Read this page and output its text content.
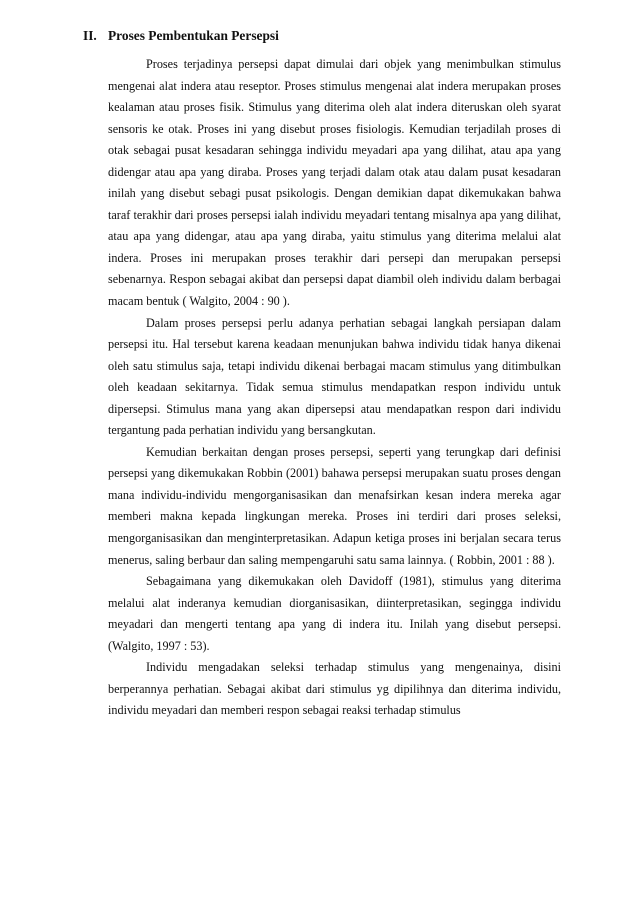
II. Proses Pembentukan Persepsi

Proses terjadinya persepsi dapat dimulai dari objek yang menimbulkan stimulus mengenai alat indera atau reseptor. Proses stimulus mengenai alat indera merupakan proses kealaman atau proses fisik. Stimulus yang diterima oleh alat indera diteruskan oleh syarat sensoris ke otak. Proses ini yang disebut proses fisiologis. Kemudian terjadilah proses di otak sebagai pusat kesadaran sehingga individu meyadari apa yang dilihat, atau apa yang didengar atau apa yang diraba. Proses yang terjadi dalam otak atau dalam pusat kesadaran inilah yang disebut sebagi pusat psikologis. Dengan demikian dapat dikemukakan bahwa taraf terakhir dari proses persepsi ialah individu meyadari tentang misalnya apa yang dilihat, atau apa yang didengar, atau apa yang diraba, yaitu stimulus yang diterima melalui alat indera. Proses ini merupakan proses terakhir dari persepi dan merupakan persepsi sebenarnya. Respon sebagai akibat dan persepsi dapat diambil oleh individu dalam berbagai macam bentuk ( Walgito, 2004 : 90 ).

Dalam proses persepsi perlu adanya perhatian sebagai langkah persiapan dalam persepsi itu. Hal tersebut karena keadaan menunjukan bahwa individu tidak hanya dikenai oleh satu stimulus saja, tetapi individu dikenai berbagai macam stimulus yang ditimbulkan oleh keadaan sekitarnya. Tidak semua stimulus mendapatkan respon individu untuk dipersepsi. Stimulus mana yang akan dipersepsi atau mendapatkan respon dari individu tergantung pada perhatian individu yang bersangkutan.

Kemudian berkaitan dengan proses persepsi, seperti yang terungkap dari definisi persepsi yang dikemukakan Robbin (2001) bahawa persepsi merupakan suatu proses dengan mana individu-individu mengorganisasikan dan menafsirkan kesan indera mereka agar memberi makna kepada lingkungan mereka. Proses ini terdiri dari proses seleksi, mengorganisasikan dan menginterpretasikan. Adapun ketiga proses ini berjalan secara terus menerus, saling berbaur dan saling mempengaruhi satu sama lainnya. ( Robbin, 2001 : 88 ).

Sebagaimana yang dikemukakan oleh Davidoff (1981), stimulus yang diterima melalui alat inderanya kemudian diorganisasikan, diinterpretasikan, segingga individu meyadari dan mengerti tentang apa yang di indera itu. Inilah yang disebut persepsi. (Walgito, 1997 : 53).

Individu mengadakan seleksi terhadap stimulus yang mengenainya, disini berperannya perhatian. Sebagai akibat dari stimulus yg dipilihnya dan diterima individu, individu meyadari dan memberi respon sebagai reaksi terhadap stimulus
